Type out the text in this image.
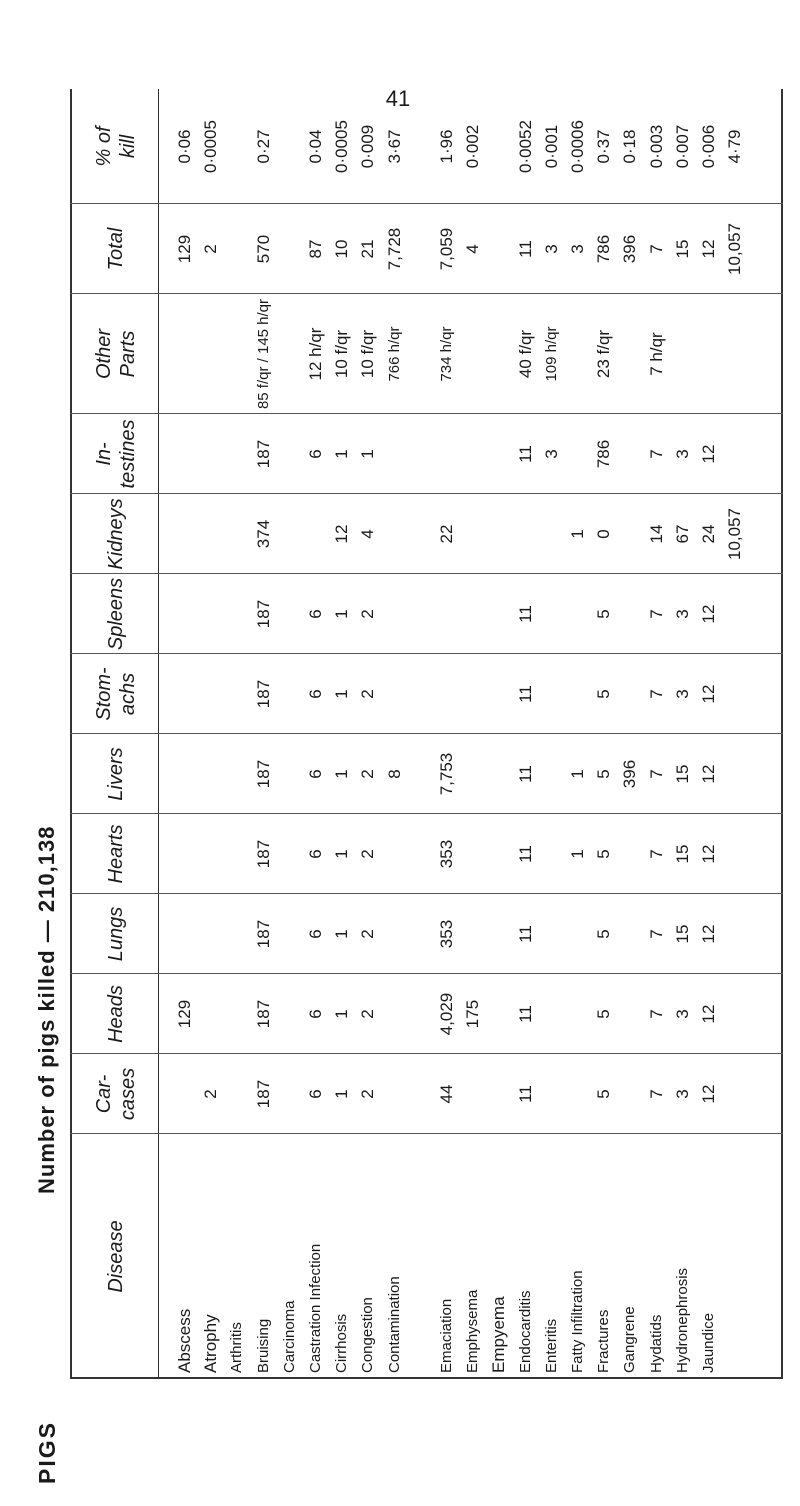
41
PIGS
Number of pigs killed — 210,138
Disease
Car-
cases
Heads
Lungs
Hearts
Livers
Stom-
achs
Spleens
Kidneys
In-
testines
Other
Parts
Total
% of
kill
Abscess
129
129
0·06
Atrophy
2
2
0·0005
Arthritis Bruising
187
187
187
187
187
187
187
374
187
85 f/qr / 145 h/qr
570
0·27
Carcinoma Castration Infection
6
6
6
6
6
6
6
6
12 h/qr
87
0·04
Cirrhosis
1
1
1
1
1
1
1
12
1
10 f/qr
10
0·0005
Congestion
2
2
2
2
2
2
2
4
1
10 f/qr
21
0·009
Contamination
8
766 h/qr
7,728
3·67
Emaciation
44
4,029
353
353
7,753
22
734 h/qr
7,059
1·96
Emphysema
175
4
0·002
Empyema Endocarditis
11
11
11
11
11
11
11
11
40 f/qr
11
0·0052
Enteritis
3
109 h/qr
3
0·001
Fatty Infiltration
1
1
1
3
0·0006
Fractures
5
5
5
5
5
5
5
0
786
23 f/qr
786
0·37
Gangrene
396
396
0·18
Hydatids
7
7
7
7
7
7
7
14
7
7 h/qr
7
0·003
Hydronephrosis
3
3
15
15
15
3
3
67
3
15
0·007
Jaundice
12
12
12
12
12
12
12
24
12
12
0·006
10,057
10,057
4·79
